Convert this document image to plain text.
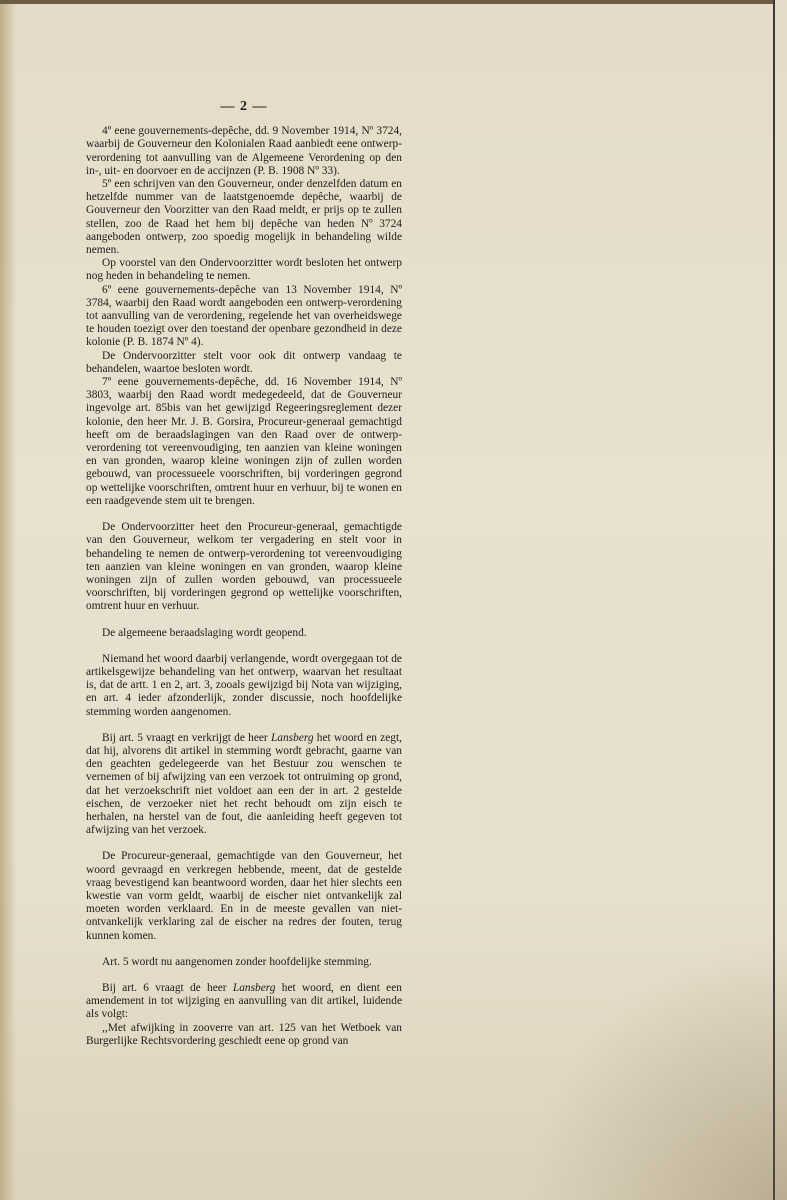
— 2 —

4º eene gouvernements-depêche, dd. 9 November 1914, Nº 3724, waarbij de Gouverneur den Kolonialen Raad aanbiedt eene ontwerp-verordening tot aanvulling van de Algemeene Verordening op den in-, uit- en doorvoer en de accijnzen (P. B. 1908 Nº 33).

5º een schrijven van den Gouverneur, onder denzelfden datum en hetzelfde nummer van de laatstgenoemde depêche, waarbij de Gouverneur den Voorzitter van den Raad meldt, er prijs op te zullen stellen, zoo de Raad het hem bij depêche van heden Nº 3724 aangeboden ontwerp, zoo spoedig mogelijk in behandeling wilde nemen.

Op voorstel van den Ondervoorzitter wordt besloten het ontwerp nog heden in behandeling te nemen.

6º eene gouvernements-depêche van 13 November 1914, Nº 3784, waarbij den Raad wordt aangeboden een ontwerp-verordening tot aanvulling van de verordening, regelende het van overheidswege te houden toezigt over den toestand der openbare gezondheid in deze kolonie (P. B. 1874 Nº 4).

De Ondervoorzitter stelt voor ook dit ontwerp vandaag te behandelen, waartoe besloten wordt.

7º eene gouvernements-depêche, dd. 16 November 1914, Nº 3803, waarbij den Raad wordt medegedeeld, dat de Gouverneur ingevolge art. 85bis van het gewijzigd Regeeringsreglement dezer kolonie, den heer Mr. J. B. Gorsira, Procureur-generaal gemachtigd heeft om de beraadslagingen van den Raad over de ontwerp-verordening tot vereenvoudiging, ten aanzien van kleine woningen en van gronden, waarop kleine woningen zijn of zullen worden gebouwd, van processueele voorschriften, bij vorderingen gegrond op wettelijke voorschriften, omtrent huur en verhuur, bij te wonen en een raadgevende stem uit te brengen.

De Ondervoorzitter heet den Procureur-generaal, gemachtigde van den Gouverneur, welkom ter vergadering en stelt voor in behandeling te nemen de ontwerp-verordening tot vereenvoudiging ten aanzien van kleine woningen en van gronden, waarop kleine woningen zijn of zullen worden gebouwd, van processueele voorschriften, bij vorderingen gegrond op wettelijke voorschriften, omtrent huur en verhuur.

De algemeene beraadslaging wordt geopend.

Niemand het woord daarbij verlangende, wordt overgegaan tot de artikelsgewijze behandeling van het ontwerp, waarvan het resultaat is, dat de artt. 1 en 2, art. 3, zooals gewijzigd bij Nota van wijziging, en art. 4 ieder afzonderlijk, zonder discussie, noch hoofdelijke stemming worden aangenomen.

Bij art. 5 vraagt en verkrijgt de heer Lansberg het woord en zegt, dat hij, alvorens dit artikel in stemming wordt gebracht, gaarne van den geachten gedelegeerde van het Bestuur zou wenschen te vernemen of bij afwijzing van een verzoek tot ontruiming op grond, dat het verzoekschrift niet voldoet aan een der in art. 2 gestelde eischen, de verzoeker niet het recht behoudt om zijn eisch te herhalen, na herstel van de fout, die aanleiding heeft gegeven tot afwijzing van het verzoek.

De Procureur-generaal, gemachtigde van den Gouverneur, het woord gevraagd en verkregen hebbende, meent, dat de gestelde vraag bevestigend kan beantwoord worden, daar het hier slechts een kwestie van vorm geldt, waarbij de eischer niet ontvankelijk zal moeten worden verklaard. En in de meeste gevallen van niet-ontvankelijk verklaring zal de eischer na redres der fouten, terug kunnen komen.

Art. 5 wordt nu aangenomen zonder hoofdelijke stemming.

Bij art. 6 vraagt de heer Lansberg het woord, en dient een amendement in tot wijziging en aanvulling van dit artikel, luidende als volgt:

,,Met afwijking in zooverre van art. 125 van het Wetboek van Burgerlijke Rechtsvordering geschiedt eene op grond van
